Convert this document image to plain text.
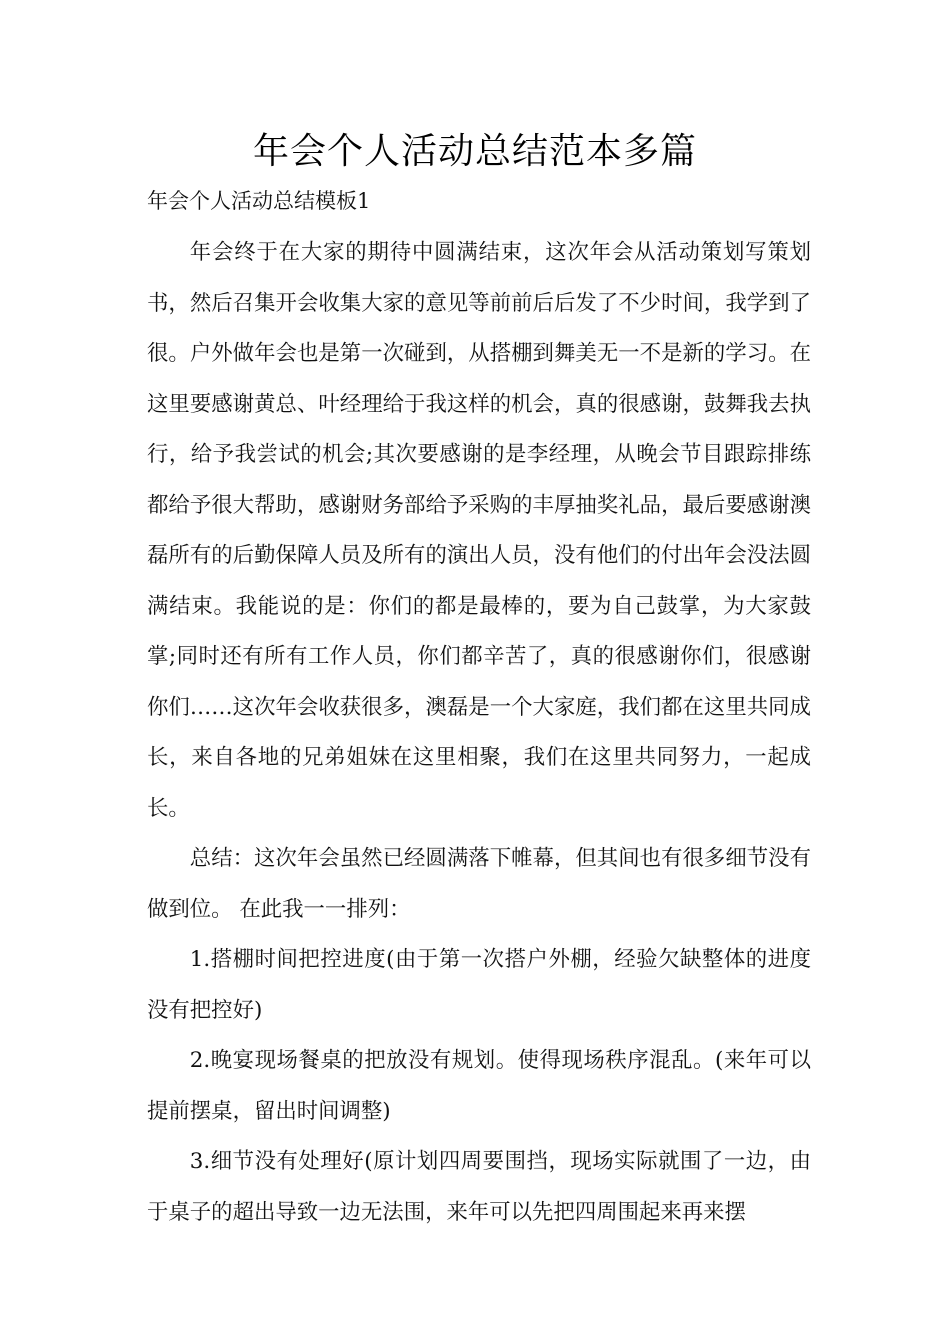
年会个人活动总结范本多篇
年会个人活动总结模板1

年会终于在大家的期待中圆满结束，这次年会从活动策划写策划书，然后召集开会收集大家的意见等前前后后发了不少时间，我学到了很。户外做年会也是第一次碰到，从搭棚到舞美无一不是新的学习。在这里要感谢黄总、叶经理给于我这样的机会，真的很感谢，鼓舞我去执行，给予我尝试的机会;其次要感谢的是李经理，从晚会节目跟踪排练都给予很大帮助，感谢财务部给予采购的丰厚抽奖礼品，最后要感谢澳磊所有的后勤保障人员及所有的演出人员，没有他们的付出年会没法圆满结束。我能说的是：你们的都是最棒的，要为自己鼓掌，为大家鼓掌;同时还有所有工作人员，你们都辛苦了，真的很感谢你们，很感谢你们……这次年会收获很多，澳磊是一个大家庭，我们都在这里共同成长，来自各地的兄弟姐妹在这里相聚，我们在这里共同努力，一起成长。

总结：这次年会虽然已经圆满落下帷幕，但其间也有很多细节没有做到位。 在此我一一排列：

1.搭棚时间把控进度(由于第一次搭户外棚，经验欠缺整体的进度没有把控好)

2.晚宴现场餐桌的把放没有规划。使得现场秩序混乱。(来年可以提前摆桌，留出时间调整)

3.细节没有处理好(原计划四周要围挡，现场实际就围了一边，由于桌子的超出导致一边无法围，来年可以先把四周围起来再来摆
